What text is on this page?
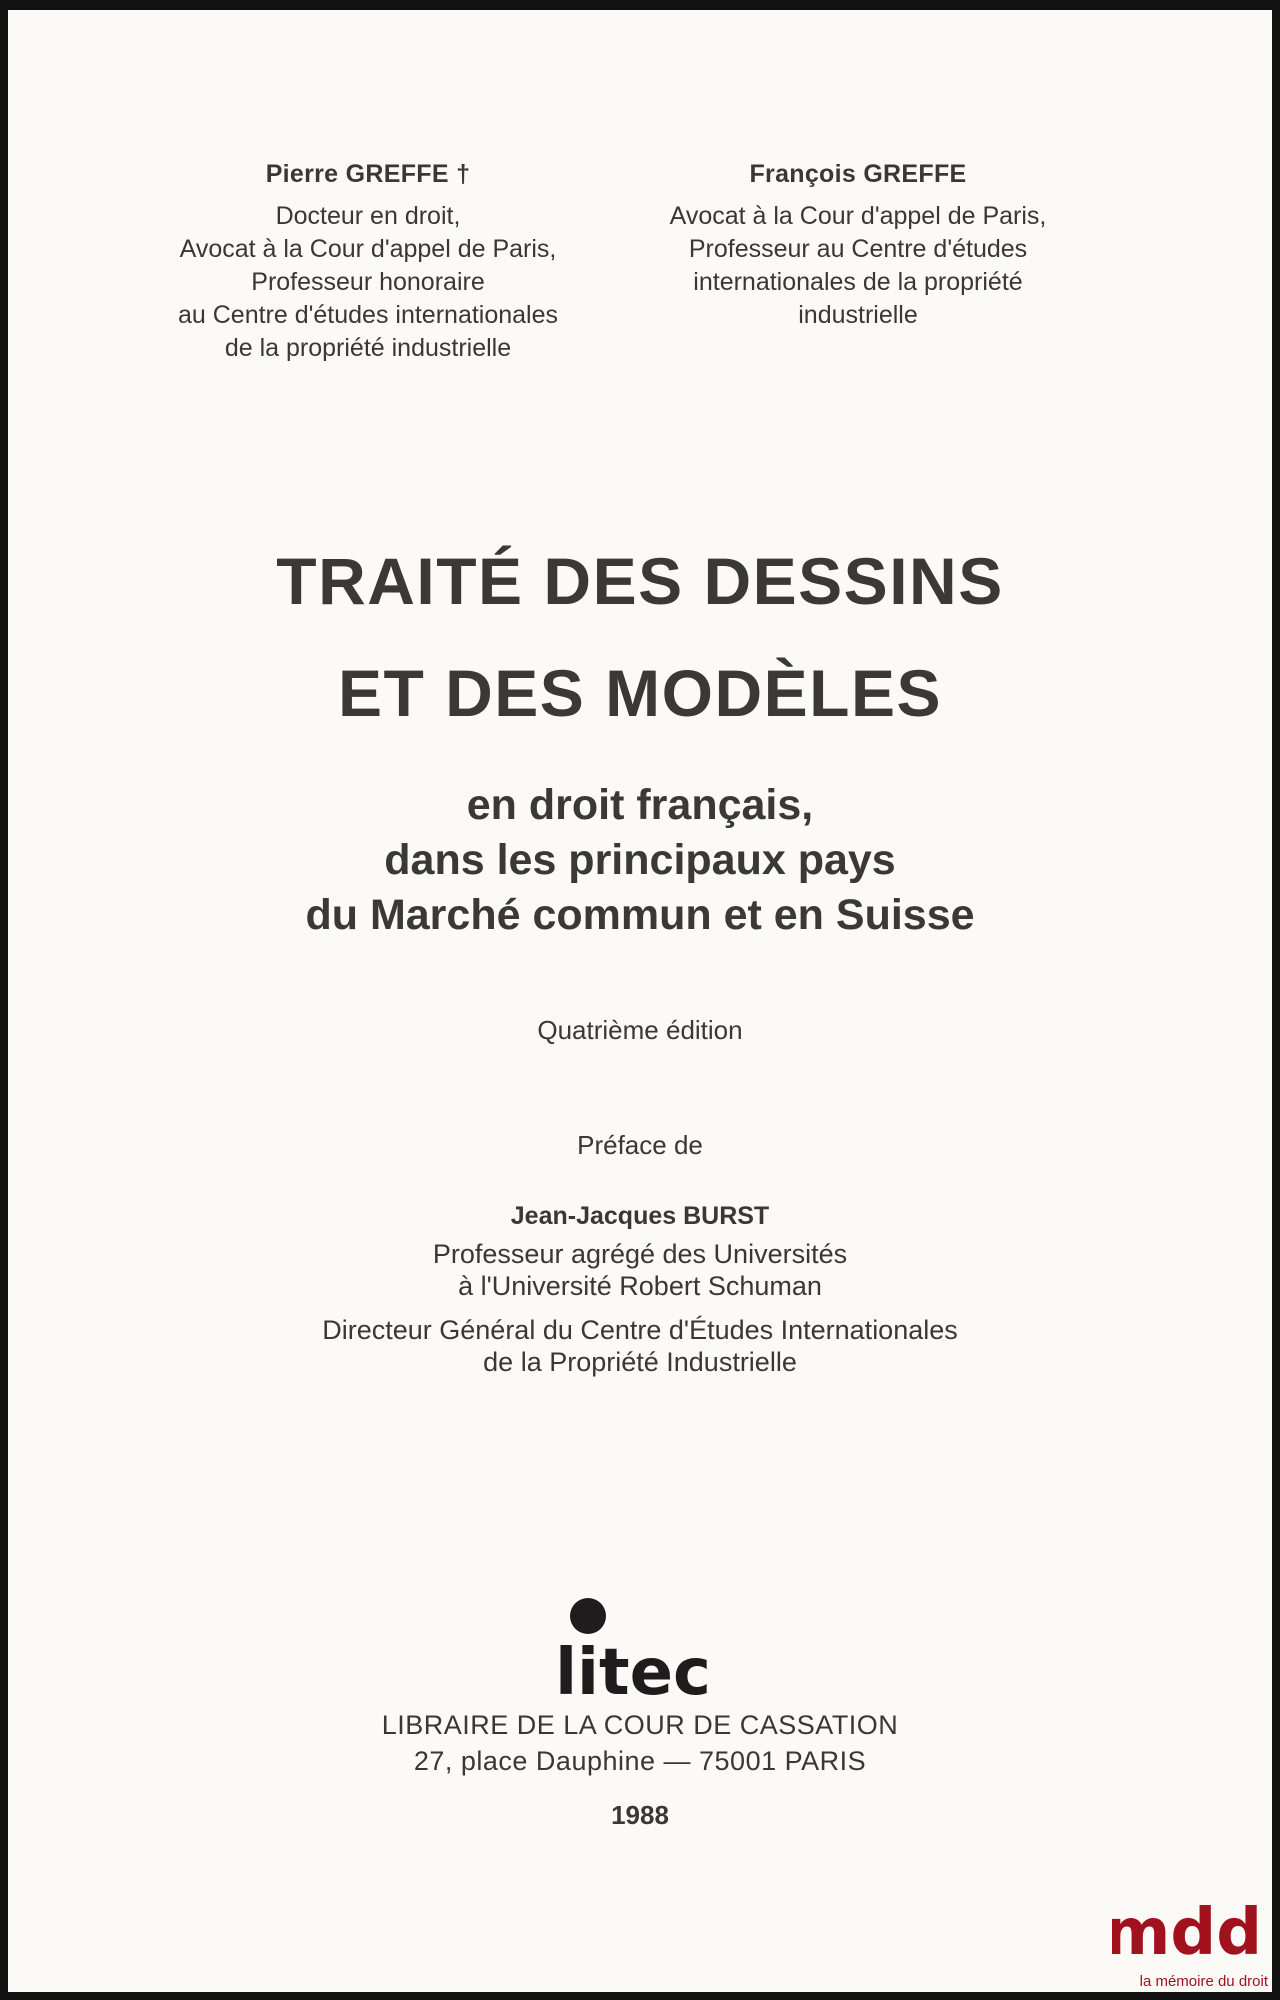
Pierre GREFFE †
Docteur en droit,
Avocat à la Cour d'appel de Paris,
Professeur honoraire
au Centre d'études internationales
de la propriété industrielle
François GREFFE
Avocat à la Cour d'appel de Paris,
Professeur au Centre d'études
internationales de la propriété
industrielle
TRAITÉ DES DESSINS
ET DES MODÈLES
en droit français,
dans les principaux pays
du Marché commun et en Suisse
Quatrième édition
Préface de
Jean-Jacques BURST
Professeur agrégé des Universités
à l'Université Robert Schuman
Directeur Général du Centre d'Études Internationales
de la Propriété Industrielle
litec
LIBRAIRE DE LA COUR DE CASSATION
27, place Dauphine — 75001 PARIS
1988
mdd
la mémoire du droit
